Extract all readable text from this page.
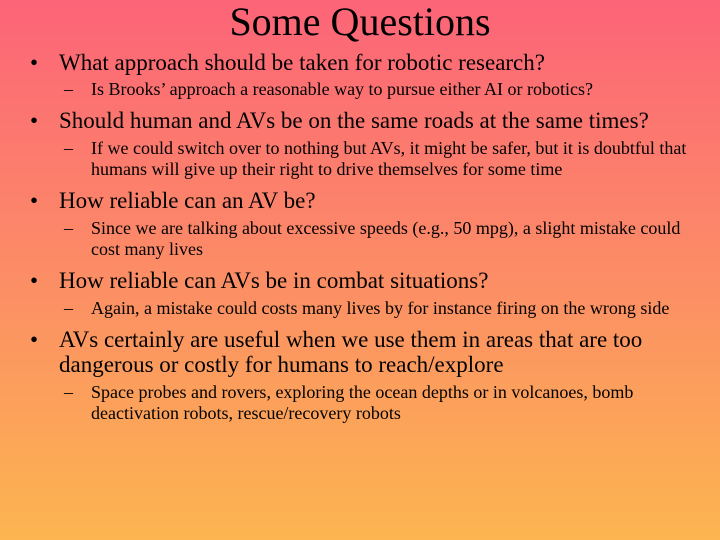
Some Questions
• What approach should be taken for robotic research?
– Is Brooks’ approach a reasonable way to pursue either AI or robotics?
• Should human and AVs be on the same roads at the same times?
– If we could switch over to nothing but AVs, it might be safer, but it is doubtful that humans will give up their right to drive themselves for some time
• How reliable can an AV be?
– Since we are talking about excessive speeds (e.g., 50 mpg), a slight mistake could cost many lives
• How reliable can AVs be in combat situations?
– Again, a mistake could costs many lives by for instance firing on the wrong side
• AVs certainly are useful when we use them in areas that are too dangerous or costly for humans to reach/explore
– Space probes and rovers, exploring the ocean depths or in volcanoes, bomb deactivation robots, rescue/recovery robots
